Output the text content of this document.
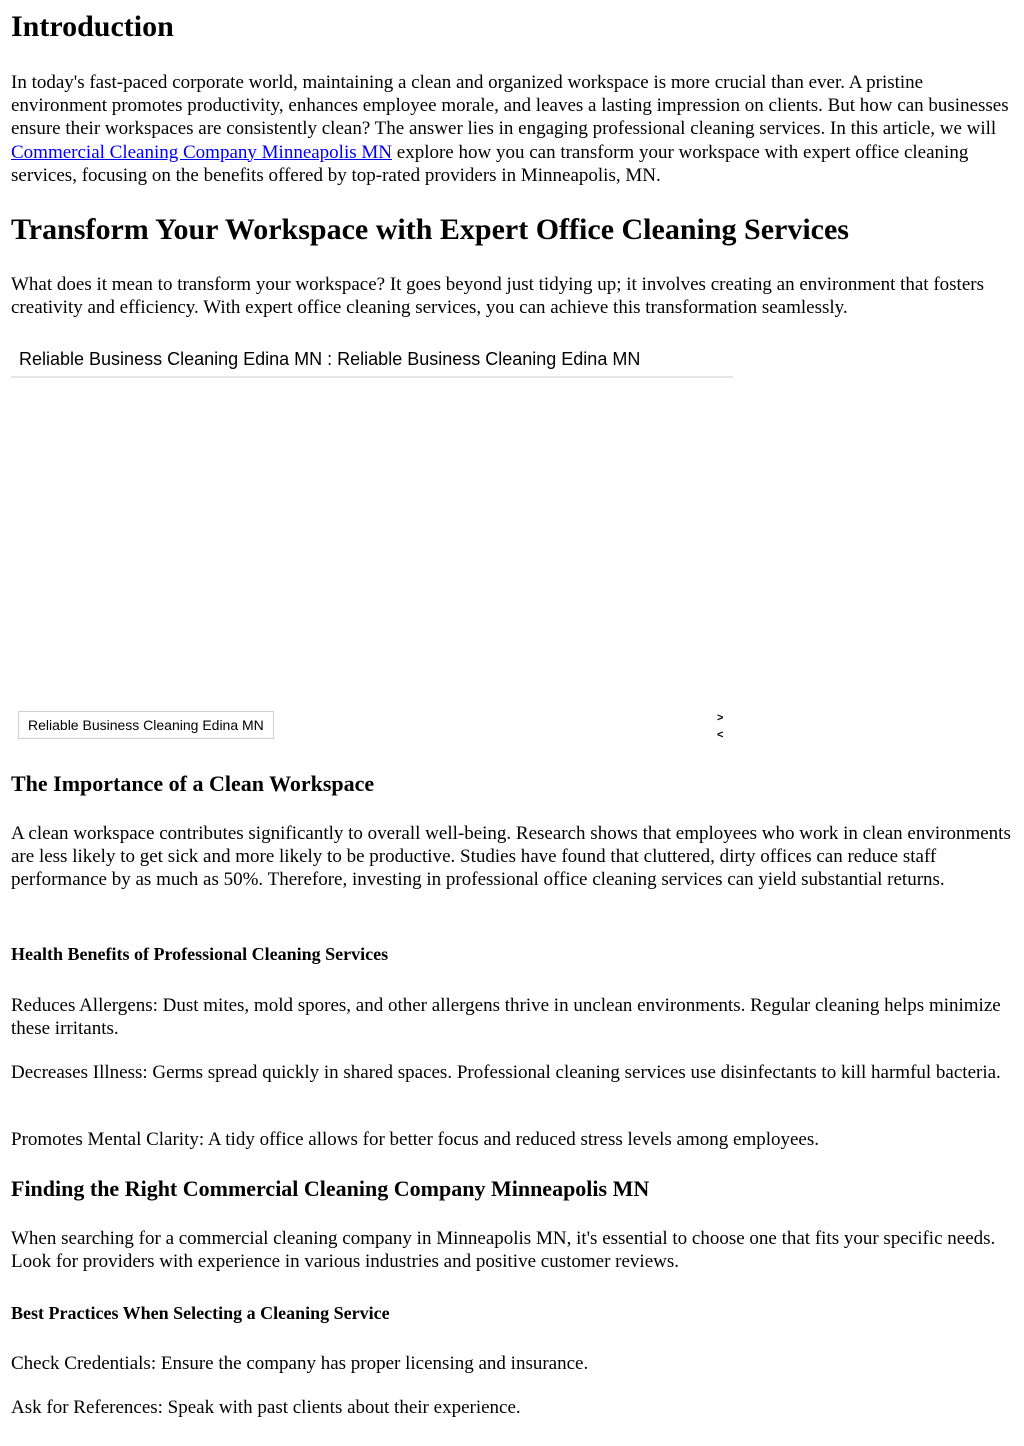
Introduction

In today's fast-paced corporate world, maintaining a clean and organized workspace is more crucial than ever. A pristine environment promotes productivity, enhances employee morale, and leaves a lasting impression on clients. But how can businesses ensure their workspaces are consistently clean? The answer lies in engaging professional cleaning services. In this article, we will Commercial Cleaning Company Minneapolis MN explore how you can transform your workspace with expert office cleaning services, focusing on the benefits offered by top-rated providers in Minneapolis, MN.

Transform Your Workspace with Expert Office Cleaning Services

What does it mean to transform your workspace? It goes beyond just tidying up; it involves creating an environment that fosters creativity and efficiency. With expert office cleaning services, you can achieve this transformation seamlessly.

Reliable Business Cleaning Edina MN : Reliable Business Cleaning Edina MN
Reliable Business Cleaning Edina MN	>
<
The Importance of a Clean Workspace

A clean workspace contributes significantly to overall well-being. Research shows that employees who work in clean environments are less likely to get sick and more likely to be productive. Studies have found that cluttered, dirty offices can reduce staff performance by as much as 50%. Therefore, investing in professional office cleaning services can yield substantial returns.

Health Benefits of Professional Cleaning Services

Reduces Allergens: Dust mites, mold spores, and other allergens thrive in unclean environments. Regular cleaning helps minimize these irritants.

Decreases Illness: Germs spread quickly in shared spaces. Professional cleaning services use disinfectants to kill harmful bacteria.

Promotes Mental Clarity: A tidy office allows for better focus and reduced stress levels among employees.

Finding the Right Commercial Cleaning Company Minneapolis MN

When searching for a commercial cleaning company in Minneapolis MN, it's essential to choose one that fits your specific needs. Look for providers with experience in various industries and positive customer reviews.

Best Practices When Selecting a Cleaning Service

Check Credentials: Ensure the company has proper licensing and insurance.

Ask for References: Speak with past clients about their experience.
